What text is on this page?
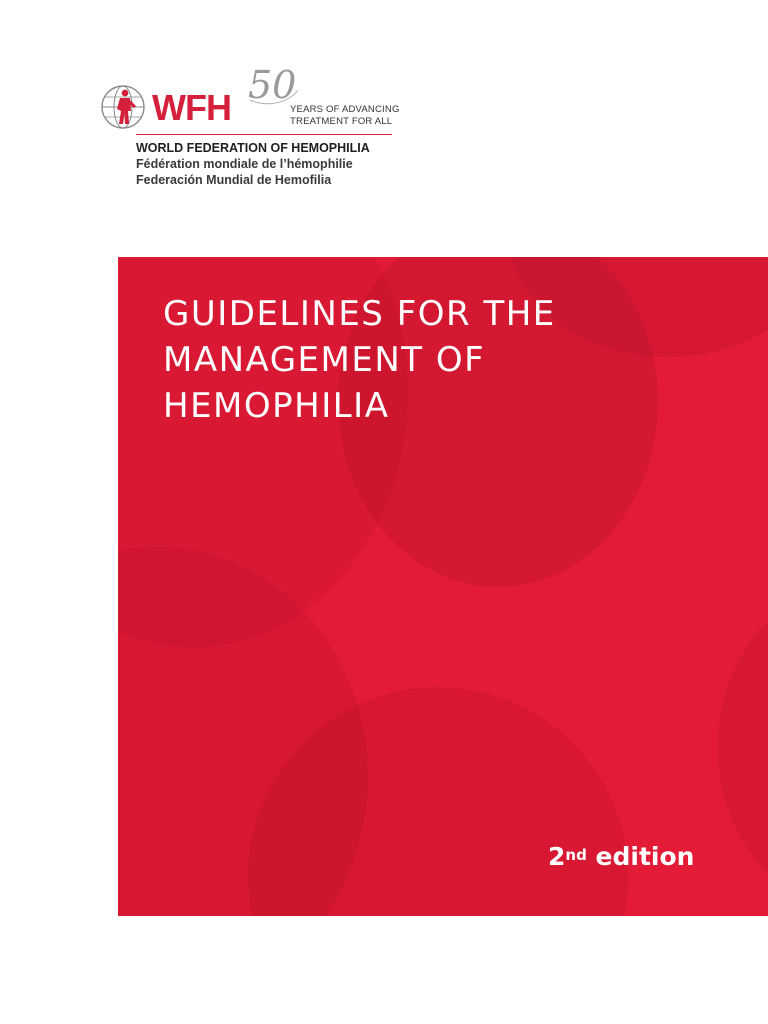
WFH
50
YEARS OF ADVANCING
TREATMENT FOR ALL
WORLD FEDERATION OF HEMOPHILIA
Fédération mondiale de l’hémophilie
Federación Mundial de Hemofilia
GUIDELINES FOR THE
MANAGEMENT OF
HEMOPHILIA
2nd edition
